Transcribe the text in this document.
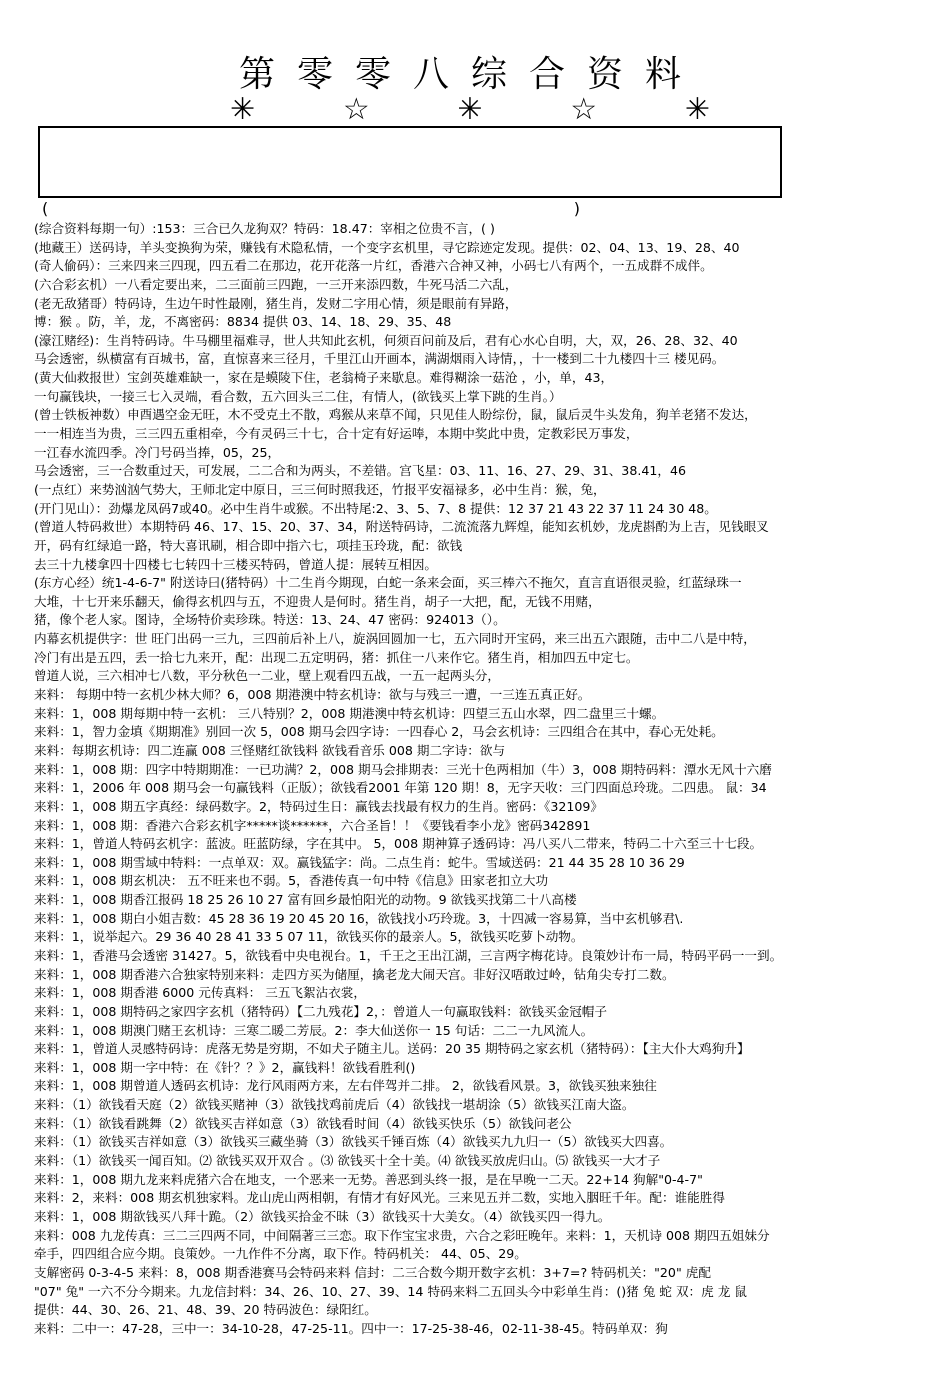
第零零八综合资料
✳	☆	✳	☆	✳
(	)
(综合资料每期一句）:153：三合已久龙狗双？特码：18.47：宰相之位贵不言，( )
(地藏王）送码诗，羊头变换狗为荣，赚钱有术隐私情，一个变字玄机里，寻它踪迹定发现。提供：02、04、13、19、28、40
(奇人偷码）：三来四来三四现，四五看二在那边，花开花落一片红，香港六合神又神，小码七八有两个，一五成群不成伴。
(六合彩玄机）一八看定要出来，二三面前三四跑，一三开来添四数，牛死马活二六乱，
(老无敌猪哥）特码诗，生边午时性最刚，猪生肖，发财二字用心情，须是眼前有异路，
博：猴 。防，羊，龙，不离密码：8834 提供 03、14、18、29、35、48
(濠江赌经)：生肖特码诗。牛马棚里福难寻，世人共知此玄机，何须百问前及后，君有心水心自明，大，双，26、28、32、40
马会透密，纵横富有百城书，富，直惊喜来三径月，千里江山开画本，满湖烟雨入诗情，，十一楼到二十九楼四十三 楼见码。
(黄大仙救报世）宝剑英雄难缺一，家在是蟆陵下住，老翁椅子来歇息。难得糊涂一菇沧 ，小，单，43，
一句赢钱块，一接三七入灵端，看合数，五六回头三二住，有情人，(欲钱买上掌下跳的生肖。）
(曾士铁板神数）申酉遇空金无旺，木不受克土不散，鸡猴从来草不闻，只见佳人盼综份，鼠，鼠后灵牛头发角，狗羊老猪不发达，
一一相连当为贵，三三四五重相牵，今有灵码三十七，合十定有好运唪，本期中奖此中贵，定教彩民万事发，
一江春水流四季。冷门号码当捧，05，25，
马会透密，三一合数重过天，可发展，二二合和为两头，不差错。宫飞星：03、11、16、27、29、31、38.41，46
(一点红）来势汹汹气势大，王师北定中原日，三三何时照我还，竹报平安福禄多，必中生肖：猴，兔，
(开门见山）：劲爆龙凤码7或40。必中生肖牛或猴。不出特尾:2、3、5、7、8 提供：12 37 21 43 22 37 11 24 30 48。
(曾道人特码救世）本期特码 46、17、15、20、37、34，附送特码诗，二流流落九辉煌，能知玄机妙，龙虎斟酌为上吉，见钱眼叉
开，码有红绿追一路，特大喜讯刷，相合即中指六七，项挂玉玲珑，配：欲钱
去三十九楼拿四十四楼七七转四十三楼买特码，曾道人提：展转互相因。
(东方心经）统1-4-6-7" 附送诗曰(猪特码）十二生肖今期现，白蛇一条来会面，买三棒六不拖欠，直言直语很灵验，红蓝绿珠一
大堆，十七开来乐翻天，偷得玄机四与五，不迎贵人是何时。猪生肖，胡子一大把，配，无钱不用赌，
猪，像个老人家。图诗，全场特价卖珍珠。特送：13、24、47 密码：924013（）。
内幕玄机提供字：世 旺门出码一三九，三四前后补上八，旋涡回圆加一七，五六同时开宝码，来三出五六跟随，击中二八是中特，
冷门有出是五四，丢一拾七九来开，配：出现二五定明码，猪：抓住一八来作它。猪生肖，相加四五中定七。
曾道人说，三六相冲七八数，平分秋色一二业，壁上观看四五战，一五一起两头分，
来料： 每期中特一玄机少林大师？6，008 期港澳中特玄机诗：欲与与残三一遭，一三连五真正好。
来料：1，008 期每期中特一玄机： 三八特别？2，008 期港澳中特玄机诗：四望三五山水翠，四二盘里三十螺。
来料：1，智力金填《期期准》别回一次 5，008 期马会四字诗：一四春心 2，马会玄机诗：三四组合在其中，春心无处耗。
来料：每期玄机诗：四二连赢 008 三怪赌红欲钱料 欲钱看音乐 008 期二字诗：欲与
来料：1，008 期：四字中特期期准：一已功满？2，008 期马会排期表：三光十色两相加（牛）3，008 期特码料：潭水无风十六磨
来料：1，2006 年 008 期马会一句赢钱料（正版）；欲钱看2001 年第 120 期！8，无字天收：三门四面总玲珑。二四患。 鼠：34
来料：1，008 期五字真经：绿码数字。2，特码过生日：赢钱去找最有权力的生肖。密码：《32109》
来料：1，008 期：香港六合彩玄机字*****谈******，六合圣旨！！《要钱看李小龙》密码342891
来料：1，曾道人特码玄机字：蓝波。旺蓝防绿，字在其中。 5，008 期神算子透码诗：冯八买八二带来，特码二十六至三十七段。
来料：1，008 期雪域中特料：一点单双：双。赢钱猛字：尚。二点生肖：蛇牛。雪域送码：21 44 35 28 10 36 29
来料：1，008 期玄机决： 五不旺来也不弱。5，香港传真一句中特《信息》田家老扣立大功
来料：1，008 期香江报码 18 25 26 10 27 富有回乡最怕阳光的动物。9 欲钱买找第二十八高楼
来料：1，008 期白小姐吉数：45 28 36 19 20 45 20 16，欲钱找小巧玲珑。3，十四减一容易算，当中玄机够君\.
来料：1，说举起六。29 36 40 28 41 33 5 07 11，欲钱买你的最亲人。5，欲钱买吃萝卜动物。
来料：1，香港马会透密 31427。5，欲钱看中央电视台。1，千王之王出江湖，三言两字梅花诗。良策妙计布一局，特码平码一一到。
来料：1，008 期香港六合独家特别来料：走四方买为储厘，擒老龙大闹天宫。非好汉唔敢过岭，钻角尖专打二数。
来料：1，008 期香港 6000 元传真料： 三五飞絮沾衣裳，
来料：1，008 期特码之家四字玄机（猪特码）【二九残花】2，：曾道人一句赢取钱料：欲钱买金冠帽子
来料：1，008 期澳门赌王玄机诗：三寒二暖二芳辰。2：李大仙送你一 15 句话：二二一九风流人。
来料：1，曾道人灵感特码诗：虎落无势是穷期，不如犬子随主儿。送码：20 35 期特码之家玄机（猪特码）：【主大仆大鸡狗升】
来料：1，008 期一字中特：在《针？？》2，赢钱料！欲钱看胜利()
来料：1，008 期曾道人透码玄机诗：龙行风雨两方来，左右伴驾并二排。 2，欲钱看风景。3，欲钱买独来独往
来料：（1）欲钱看天庭（2）欲钱买赌神（3）欲钱找鸡前虎后（4）欲钱找一堪胡涂（5）欲钱买江南大盗。
来料：（1）欲钱看跳舞（2）欲钱买吉祥如意（3）欲钱看时间（4）欲钱买快乐（5）欲钱问老公
来料：（1）欲钱买吉祥如意（3）欲钱买三藏坐骑（3）欲钱买千锤百炼（4）欲钱买九九归一（5）欲钱买大四喜。
来料：（1）欲钱买一闻百知。⑵ 欲钱买双开双合 。⑶ 欲钱买十全十美。⑷ 欲钱买放虎归山。⑸ 欲钱买一大才子
来料：1，008 期九龙来料虎猪六合在地支，一个恶来一无势。善恶到头终一报，是在早晚一二天。22+14 狗解"0-4-7"
来料：2，来料：008 期玄机独家料。龙山虎山两相朝，有情才有好风光。三来见五并二数，实地入胭旺千年。配：谁能胜得
来料：1，008 期欲钱买八拜十跪。（2）欲钱买拾金不昧（3）欲钱买十大美女。（4）欲钱买四一得九。
来料：008 九龙传真：三二三四两不同，中间隔著三三恋。取下作宝宝求贵，六合之彩旺晚年。来料：1，天机诗 008 期四五姐妹分
牵手，四四组合应今期。良策妙。一九作件不分离，取下作。特码机关： 44、05、29。
支解密码 0-3-4-5 来料：8，008 期香港赛马会特码来料 信封：二三合数今期开数字玄机：3+7=? 特码机关："20" 虎配
"07" 兔" 一六不分今期来。九龙信封料：34、26、10、27、39、14 特码来料二五回头今中彩单生肖：()猪 兔 蛇 双：虎 龙 鼠
提供：44、30、26、21、48、39、20 特码波色：绿阳红。
来料：二中一：47-28，三中一：34-10-28，47-25-11。四中一：17-25-38-46，02-11-38-45。特码单双：狗
